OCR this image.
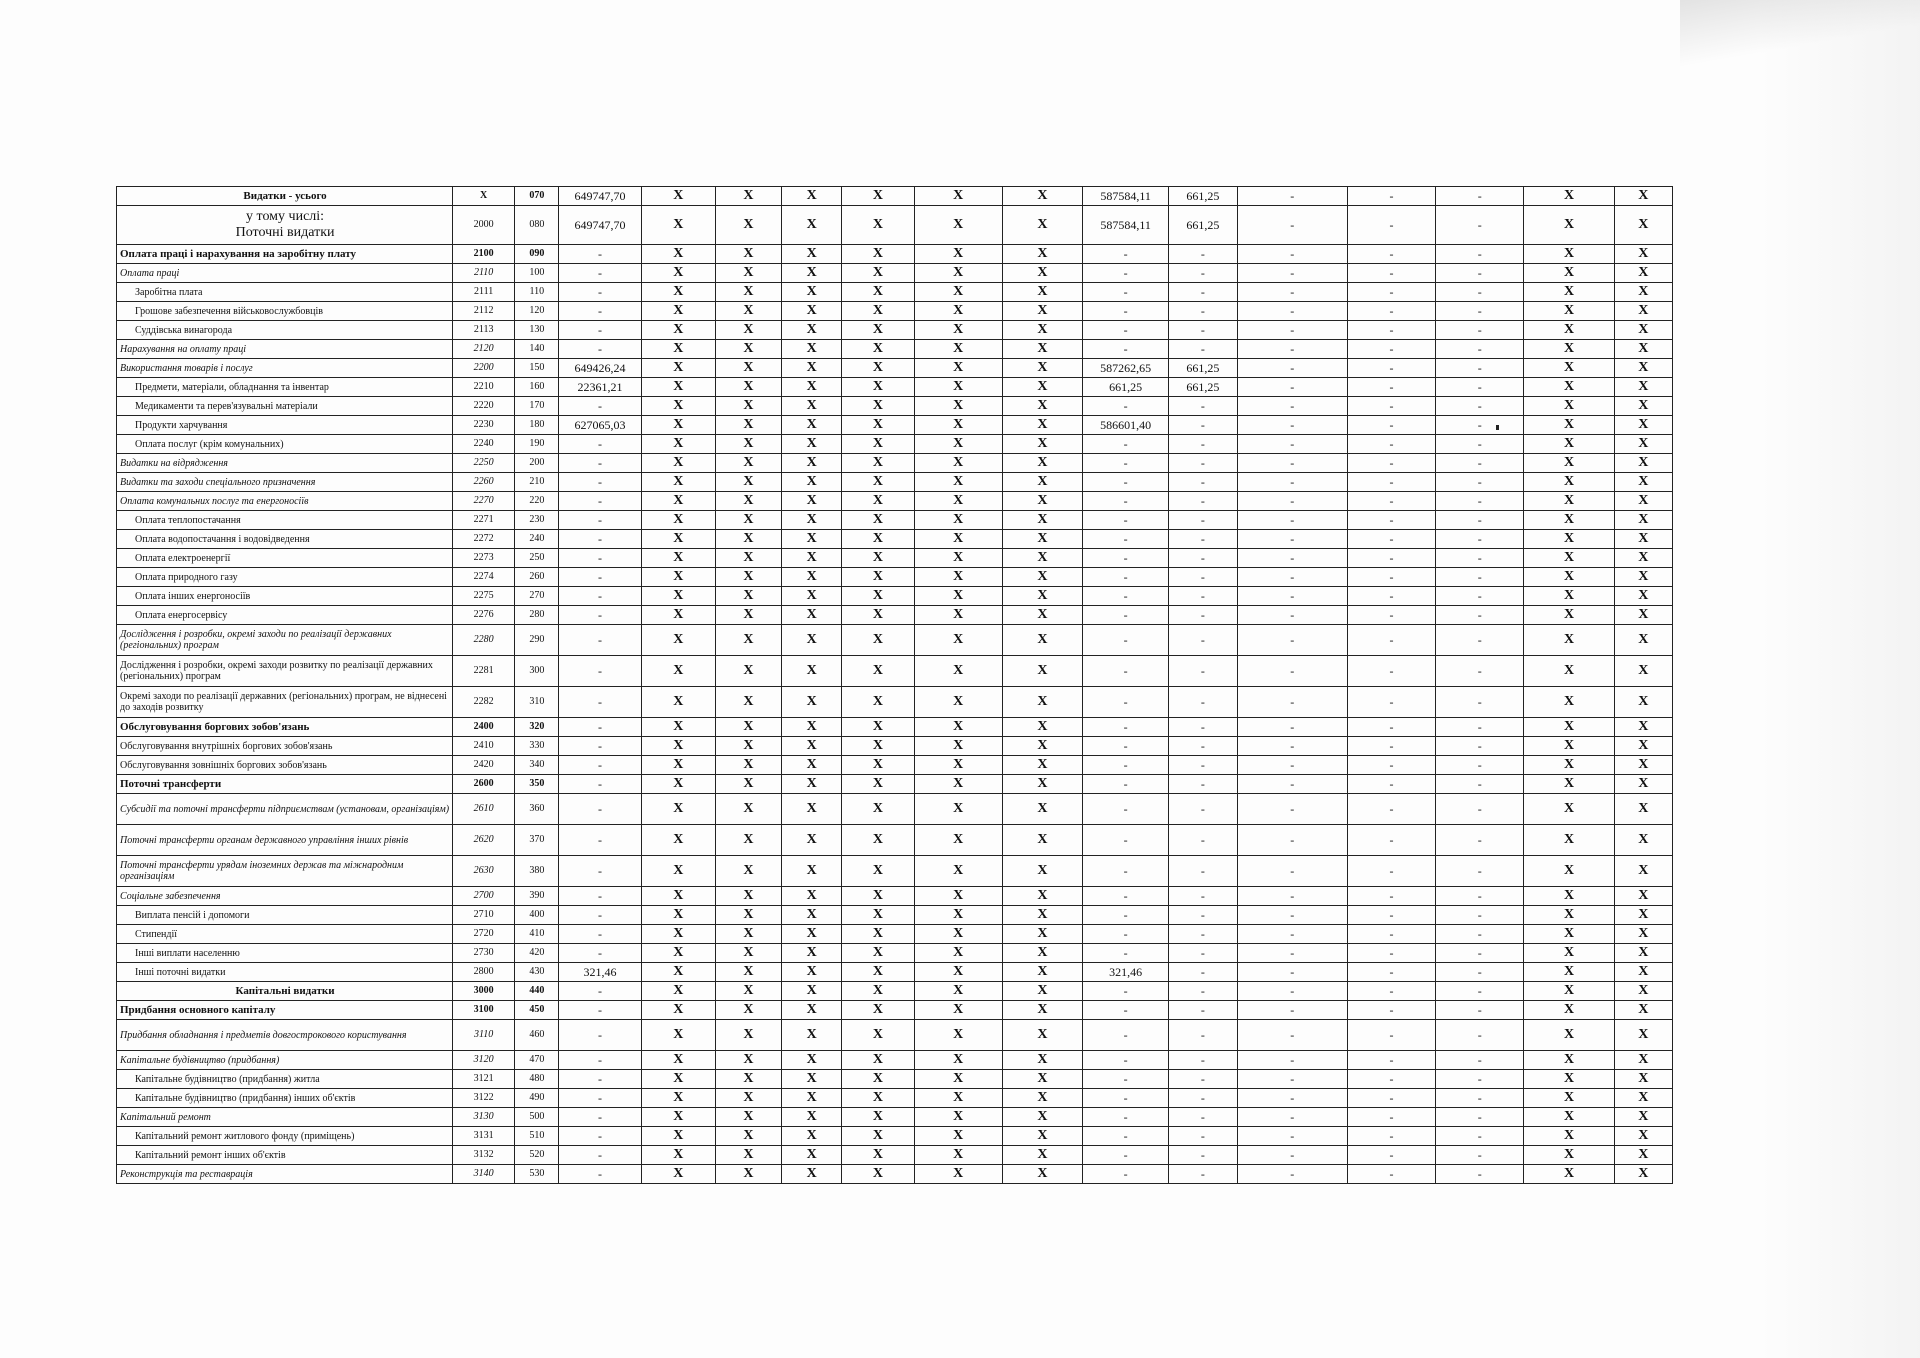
Видатки - усього	X	070	649747,70	X	X	X	X	X	X	587584,11	661,25	-	-	-	X	X
у тому числі:
Поточні видатки	2000	080	649747,70	X	X	X	X	X	X	587584,11	661,25	-	-	-	X	X
Оплата праці і нарахування на заробітну плату	2100	090	-	X	X	X	X	X	X	-	-	-	-	-	X	X
Оплата праці	2110	100	-	X	X	X	X	X	X	-	-	-	-	-	X	X
Заробітна плата	2111	110	-	X	X	X	X	X	X	-	-	-	-	-	X	X
Грошове забезпечення військовослужбовців	2112	120	-	X	X	X	X	X	X	-	-	-	-	-	X	X
Суддівська винагорода	2113	130	-	X	X	X	X	X	X	-	-	-	-	-	X	X
Нарахування на оплату праці	2120	140	-	X	X	X	X	X	X	-	-	-	-	-	X	X
Використання товарів і послуг	2200	150	649426,24	X	X	X	X	X	X	587262,65	661,25	-	-	-	X	X
Предмети, матеріали, обладнання та інвентар	2210	160	22361,21	X	X	X	X	X	X	661,25	661,25	-	-	-	X	X
Медикаменти та перев'язувальні матеріали	2220	170	-	X	X	X	X	X	X	-	-	-	-	-	X	X
Продукти харчування	2230	180	627065,03	X	X	X	X	X	X	586601,40	-	-	-	-	X	X
Оплата послуг (крім комунальних)	2240	190	-	X	X	X	X	X	X	-	-	-	-	-	X	X
Видатки на відрядження	2250	200	-	X	X	X	X	X	X	-	-	-	-	-	X	X
Видатки та заходи спеціального призначення	2260	210	-	X	X	X	X	X	X	-	-	-	-	-	X	X
Оплата комунальних послуг та енергоносіїв	2270	220	-	X	X	X	X	X	X	-	-	-	-	-	X	X
Оплата теплопостачання	2271	230	-	X	X	X	X	X	X	-	-	-	-	-	X	X
Оплата водопостачання і водовідведення	2272	240	-	X	X	X	X	X	X	-	-	-	-	-	X	X
Оплата електроенергії	2273	250	-	X	X	X	X	X	X	-	-	-	-	-	X	X
Оплата природного газу	2274	260	-	X	X	X	X	X	X	-	-	-	-	-	X	X
Оплата інших енергоносіїв	2275	270	-	X	X	X	X	X	X	-	-	-	-	-	X	X
Оплата енергосервісу	2276	280	-	X	X	X	X	X	X	-	-	-	-	-	X	X
Дослідження і розробки, окремі заходи по реалізації державних (регіональних) програм	2280	290	-	X	X	X	X	X	X	-	-	-	-	-	X	X
Дослідження і розробки, окремі заходи розвитку по реалізації державних (регіональних) програм	2281	300	-	X	X	X	X	X	X	-	-	-	-	-	X	X
Окремі заходи по реалізації державних (регіональних) програм, не віднесені до заходів розвитку	2282	310	-	X	X	X	X	X	X	-	-	-	-	-	X	X
Обслуговування боргових зобов'язань	2400	320	-	X	X	X	X	X	X	-	-	-	-	-	X	X
Обслуговування внутрішніх боргових зобов'язань	2410	330	-	X	X	X	X	X	X	-	-	-	-	-	X	X
Обслуговування зовнішніх боргових зобов'язань	2420	340	-	X	X	X	X	X	X	-	-	-	-	-	X	X
Поточні трансферти	2600	350	-	X	X	X	X	X	X	-	-	-	-	-	X	X
Субсидії та поточні трансферти підприємствам (установам, організаціям)	2610	360	-	X	X	X	X	X	X	-	-	-	-	-	X	X
Поточні трансферти органам державного управління інших рівнів	2620	370	-	X	X	X	X	X	X	-	-	-	-	-	X	X
Поточні трансферти урядам іноземних держав та міжнародним організаціям	2630	380	-	X	X	X	X	X	X	-	-	-	-	-	X	X
Соціальне забезпечення	2700	390	-	X	X	X	X	X	X	-	-	-	-	-	X	X
Виплата пенсій і допомоги	2710	400	-	X	X	X	X	X	X	-	-	-	-	-	X	X
Стипендії	2720	410	-	X	X	X	X	X	X	-	-	-	-	-	X	X
Інші виплати населенню	2730	420	-	X	X	X	X	X	X	-	-	-	-	-	X	X
Інші поточні видатки	2800	430	321,46	X	X	X	X	X	X	321,46	-	-	-	-	X	X
Капітальні видатки	3000	440	-	X	X	X	X	X	X	-	-	-	-	-	X	X
Придбання основного капіталу	3100	450	-	X	X	X	X	X	X	-	-	-	-	-	X	X
Придбання обладнання і предметів довгострокового користування	3110	460	-	X	X	X	X	X	X	-	-	-	-	-	X	X
Капітальне будівництво (придбання)	3120	470	-	X	X	X	X	X	X	-	-	-	-	-	X	X
Капітальне будівництво (придбання) житла	3121	480	-	X	X	X	X	X	X	-	-	-	-	-	X	X
Капітальне будівництво (придбання) інших об'єктів	3122	490	-	X	X	X	X	X	X	-	-	-	-	-	X	X
Капітальний ремонт	3130	500	-	X	X	X	X	X	X	-	-	-	-	-	X	X
Капітальний ремонт житлового фонду (приміщень)	3131	510	-	X	X	X	X	X	X	-	-	-	-	-	X	X
Капітальний ремонт інших об'єктів	3132	520	-	X	X	X	X	X	X	-	-	-	-	-	X	X
Реконструкція та реставрація	3140	530	-	X	X	X	X	X	X	-	-	-	-	-	X	X
